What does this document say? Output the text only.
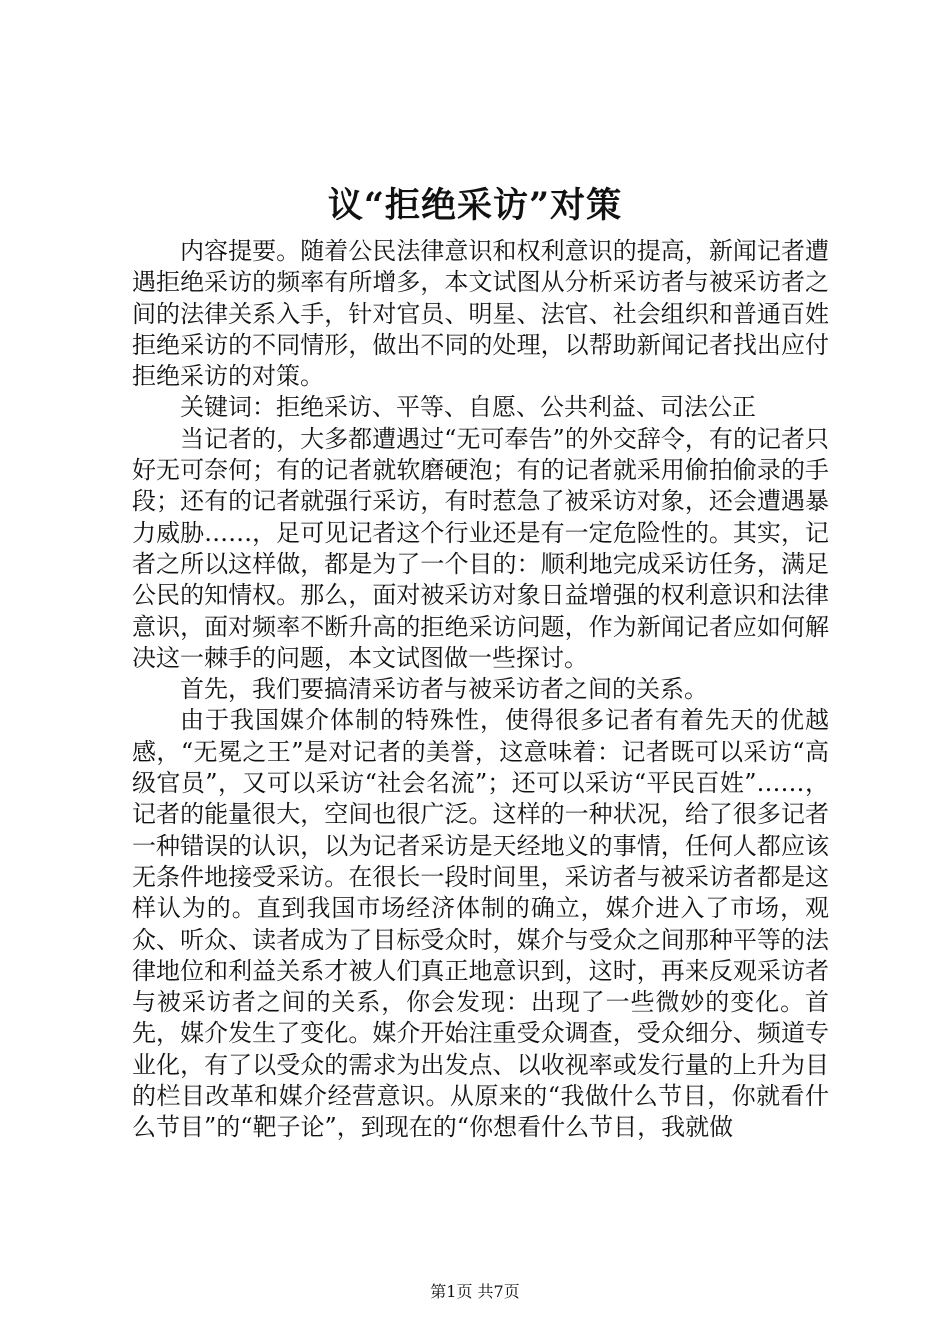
议“拒绝采访”对策

内容提要。随着公民法律意识和权利意识的提高，新闻记者遭遇拒绝采访的频率有所增多，本文试图从分析采访者与被采访者之间的法律关系入手，针对官员、明星、法官、社会组织和普通百姓拒绝采访的不同情形，做出不同的处理，以帮助新闻记者找出应付拒绝采访的对策。

关键词：拒绝采访、平等、自愿、公共利益、司法公正

当记者的，大多都遭遇过“无可奉告”的外交辞令，有的记者只好无可奈何；有的记者就软磨硬泡；有的记者就采用偷拍偷录的手段；还有的记者就强行采访，有时惹急了被采访对象，还会遭遇暴力威胁……，足可见记者这个行业还是有一定危险性的。其实，记者之所以这样做，都是为了一个目的：顺利地完成采访任务，满足公民的知情权。那么，面对被采访对象日益增强的权利意识和法律意识，面对频率不断升高的拒绝采访问题，作为新闻记者应如何解决这一棘手的问题，本文试图做一些探讨。

首先，我们要搞清采访者与被采访者之间的关系。

由于我国媒介体制的特殊性，使得很多记者有着先天的优越感，“无冕之王”是对记者的美誉，这意味着：记者既可以采访“高级官员”，又可以采访“社会名流”；还可以采访“平民百姓”……，记者的能量很大，空间也很广泛。这样的一种状况，给了很多记者一种错误的认识，以为记者采访是天经地义的事情，任何人都应该无条件地接受采访。在很长一段时间里，采访者与被采访者都是这样认为的。直到我国市场经济体制的确立，媒介进入了市场，观众、听众、读者成为了目标受众时，媒介与受众之间那种平等的法律地位和利益关系才被人们真正地意识到，这时，再来反观采访者与被采访者之间的关系，你会发现：出现了一些微妙的变化。首先，媒介发生了变化。媒介开始注重受众调查，受众细分、频道专业化，有了以受众的需求为出发点、以收视率或发行量的上升为目的栏目改革和媒介经营意识。从原来的“我做什么节目，你就看什么节目”的“靶子论”，到现在的“你想看什么节目，我就做

第1页 共7页
